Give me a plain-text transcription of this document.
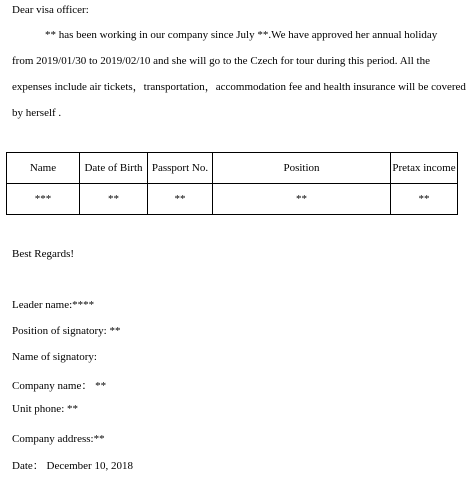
Dear visa officer:
** has been working in our company since July **.We have approved her annual holiday
from 2019/01/30 to 2019/02/10 and she will go to the Czech for tour during this period. All the
expenses include air tickets，transportation，accommodation fee and health insurance will be covered
by herself .
Name	Date of Birth	Passport No.	Position	Pretax income
***	**	**	**	**
Best Regards!
Leader name:****
Position of signatory: **
Name of signatory:
Company name： **
Unit phone: **
Company address:**
Date： December 10, 2018
